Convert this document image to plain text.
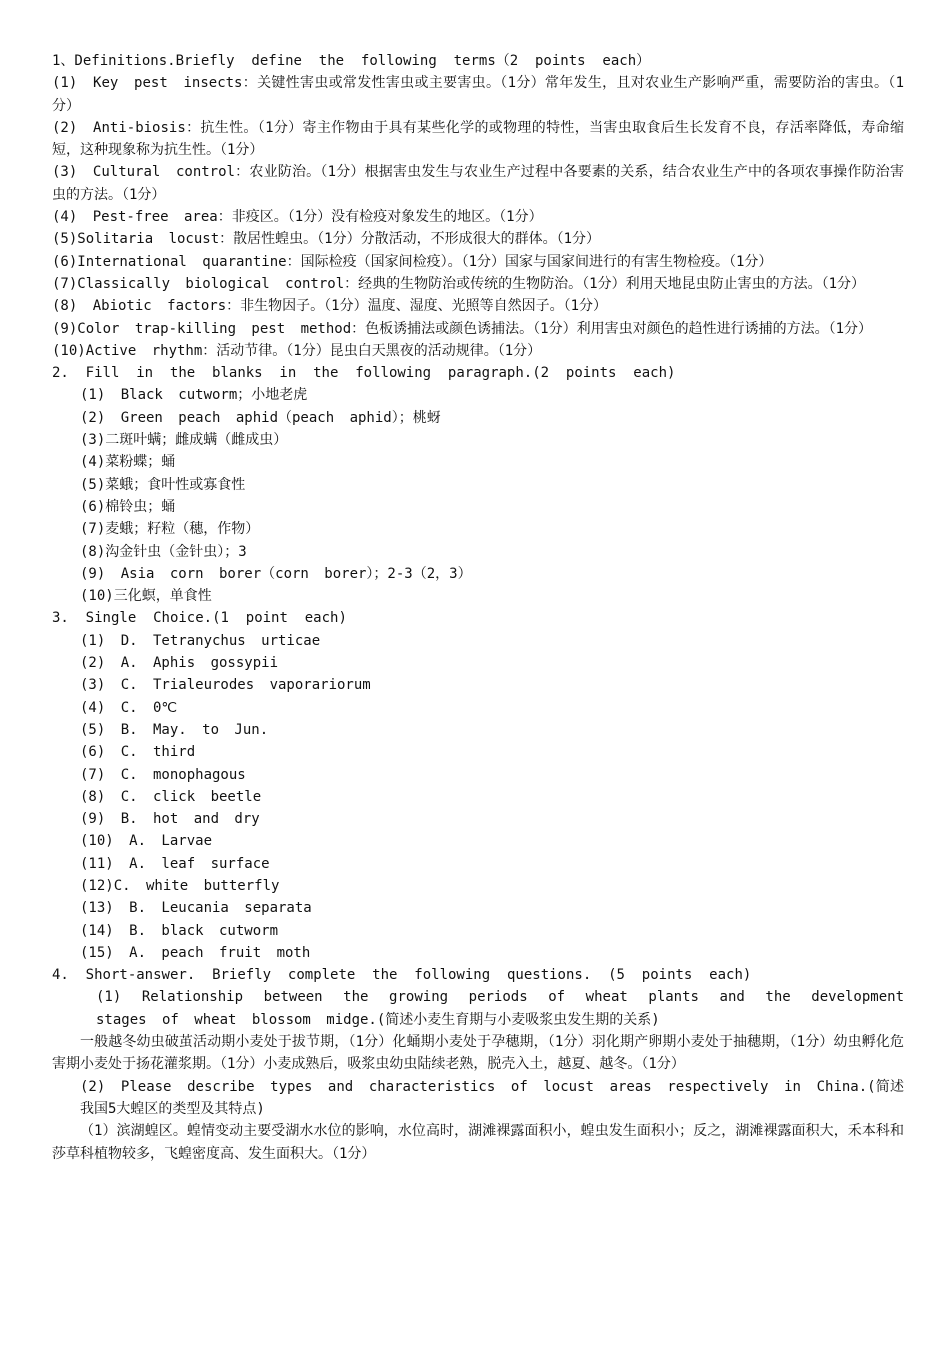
1、Definitions.Briefly define the following terms（2 points each）

(1) Key pest insects：关键性害虫或常发性害虫或主要害虫。（1分）常年发生，且对农业生产影响严重，需要防治的害虫。（1分）

(2) Anti-biosis：抗生性。（1分）寄主作物由于具有某些化学的或物理的特性，当害虫取食后生长发育不良，存活率降低，寿命缩短，这种现象称为抗生性。（1分）

(3) Cultural control：农业防治。（1分）根据害虫发生与农业生产过程中各要素的关系，结合农业生产中的各项农事操作防治害虫的方法。（1分）

(4) Pest-free area：非疫区。（1分）没有检疫对象发生的地区。（1分）

(5)Solitaria locust：散居性蝗虫。（1分）分散活动，不形成很大的群体。（1分）

(6)International quarantine：国际检疫（国家间检疫）。（1分）国家与国家间进行的有害生物检疫。（1分）

(7)Classically biological control：经典的生物防治或传统的生物防治。（1分）利用天地昆虫防止害虫的方法。（1分）

(8) Abiotic factors：非生物因子。（1分）温度、湿度、光照等自然因子。（1分）

(9)Color trap-killing pest method：色板诱捕法或颜色诱捕法。（1分）利用害虫对颜色的趋性进行诱捕的方法。（1分）

(10)Active rhythm：活动节律。（1分）昆虫白天黑夜的活动规律。（1分）

2. Fill in the blanks in the following paragraph.(2 points each)

(1) Black cutworm；小地老虎

(2) Green peach aphid（peach aphid）；桃蚜

(3)二斑叶螨；雌成螨（雌成虫）

(4)菜粉蝶；蛹

(5)菜蛾；食叶性或寡食性

(6)棉铃虫；蛹

(7)麦蛾；籽粒（穗，作物）

(8)沟金针虫（金针虫）；3

(9) Asia corn borer（corn borer）；2-3（2，3）

(10)三化螟，单食性

3. Single Choice.(1 point each)

(1) D. Tetranychus urticae

(2) A. Aphis gossypii

(3) C. Trialeurodes vaporariorum

(4) C. 0℃

(5) B. May. to Jun.

(6) C. third

(7) C. monophagous

(8) C. click beetle

(9) B. hot and dry

(10) A. Larvae

(11) A. leaf surface

(12)C. white butterfly

(13) B. Leucania separata

(14) B. black cutworm

(15) A. peach fruit moth

4. Short-answer. Briefly complete the following questions. (5 points each)

(1) Relationship between the growing periods of wheat plants and the development stages of wheat blossom midge.(简述小麦生育期与小麦吸浆虫发生期的关系)

一般越冬幼虫破茧活动期小麦处于拔节期，（1分）化蛹期小麦处于孕穗期，（1分）羽化期产卵期小麦处于抽穗期，（1分）幼虫孵化危害期小麦处于扬花灌浆期。（1分）小麦成熟后，吸浆虫幼虫陆续老熟，脱壳入土，越夏、越冬。（1分）

(2) Please describe types and characteristics of locust areas respectively in China.(简述我国5大蝗区的类型及其特点)

（1）滨湖蝗区。蝗情变动主要受湖水水位的影响，水位高时，湖滩裸露面积小，蝗虫发生面积小；反之，湖滩裸露面积大，禾本科和莎草科植物较多，飞蝗密度高、发生面积大。（1分）
